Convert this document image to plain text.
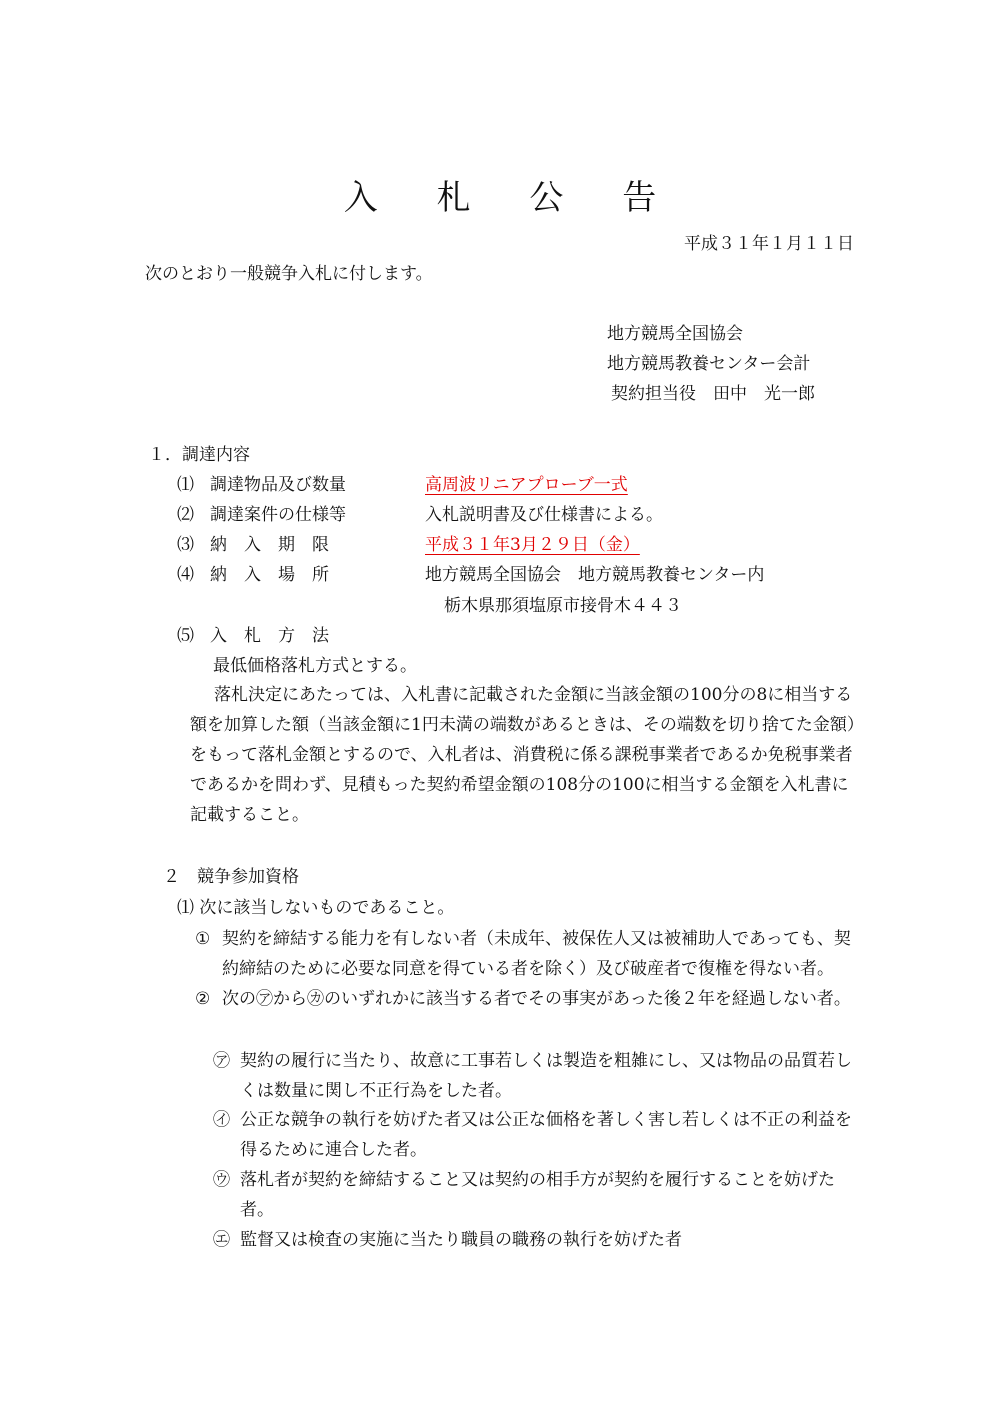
入 札 公 告
平成３１年１月１１日
次のとおり一般競争入札に付します。
地方競馬全国協会
地方競馬教養センター会計
契約担当役　田中　光一郎
１．調達内容
⑴ 調達物品及び数量	高周波リニアプローブ一式
⑵ 調達案件の仕様等	入札説明書及び仕様書による。
⑶ 納　入　期　限	平成３１年3月２９日（金）
⑷ 納　入　場　所	地方競馬全国協会　地方競馬教養センター内
栃木県那須塩原市接骨木４４３
⑸ 入　札　方　法
最低価格落札方式とする。
落札決定にあたっては、入札書に記載された金額に当該金額の100分の8に相当する額を加算した額（当該金額に1円未満の端数があるときは、その端数を切り捨てた金額）をもって落札金額とするので、入札者は、消費税に係る課税事業者であるか免税事業者であるかを問わず、見積もった契約希望金額の108分の100に相当する金額を入札書に記載すること。
２　競争参加資格
⑴ 次に該当しないものであること。
① 契約を締結する能力を有しない者（未成年、被保佐人又は被補助人であっても、契約締結のために必要な同意を得ている者を除く）及び破産者で復権を得ない者。
② 次の㋐から㋕のいずれかに該当する者でその事実があった後２年を経過しない者。
㋐ 契約の履行に当たり、故意に工事若しくは製造を粗雑にし、又は物品の品質若しくは数量に関し不正行為をした者。
㋑ 公正な競争の執行を妨げた者又は公正な価格を著しく害し若しくは不正の利益を得るために連合した者。
㋒ 落札者が契約を締結すること又は契約の相手方が契約を履行することを妨げた者。
㋓ 監督又は検査の実施に当たり職員の職務の執行を妨げた者
